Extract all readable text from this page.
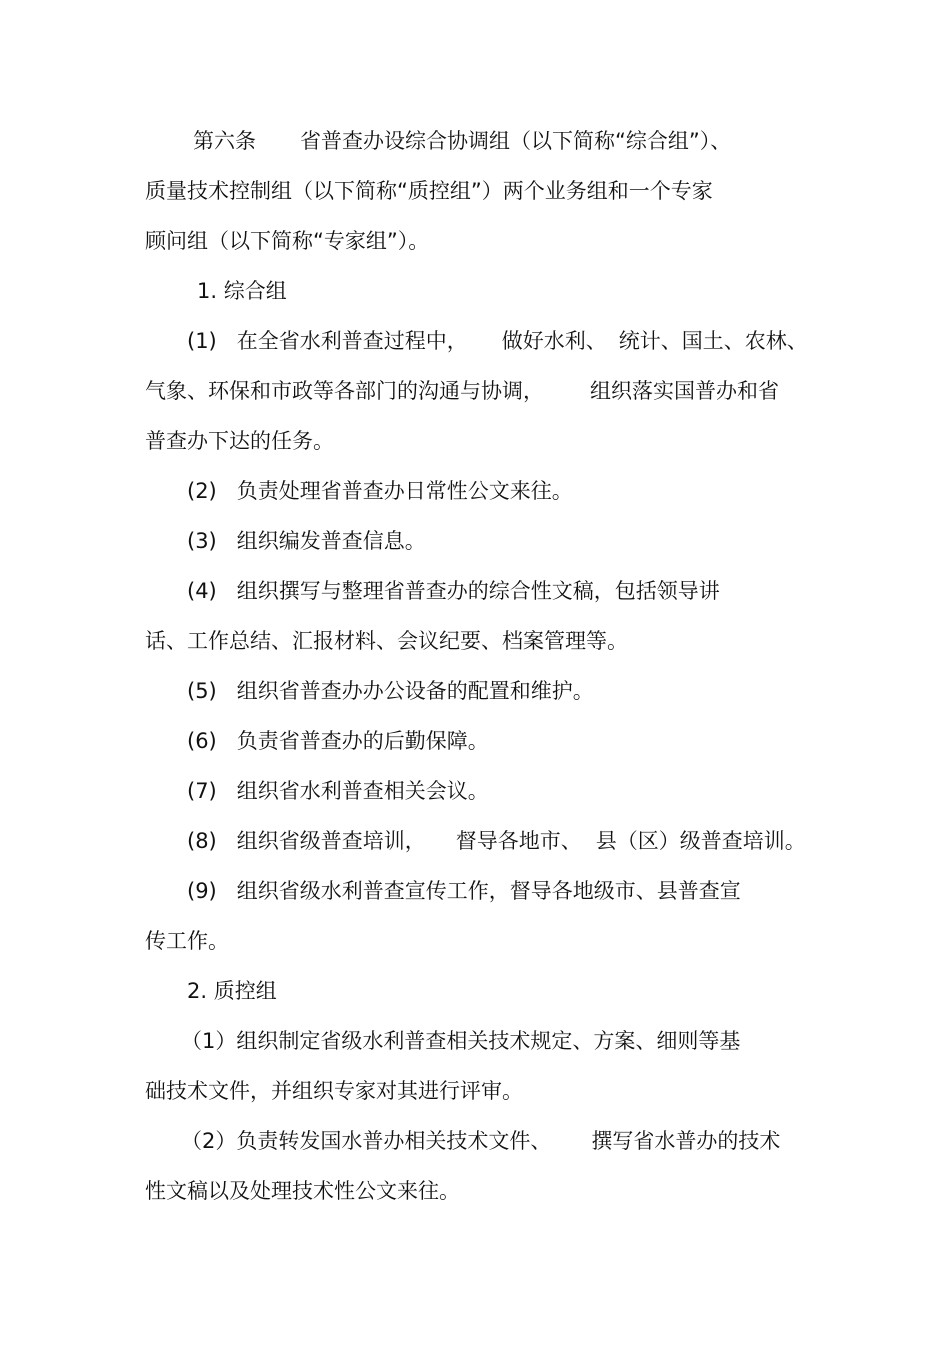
第六条 省普查办设综合协调组（以下简称“综合组”）、
质量技术控制组（以下简称“质控组”）两个业务组和一个专家
顾问组（以下简称“专家组”）。
1. 综合组
(1) 在全省水利普查过程中， 做好水利、 统计、国土、农林、
气象、环保和市政等各部门的沟通与协调， 组织落实国普办和省
普查办下达的任务。
(2) 负责处理省普查办日常性公文来往。
(3) 组织编发普查信息。
(4) 组织撰写与整理省普查办的综合性文稿，包括领导讲
话、工作总结、汇报材料、会议纪要、档案管理等。
(5) 组织省普查办办公设备的配置和维护。
(6) 负责省普查办的后勤保障。
(7) 组织省水利普查相关会议。
(8) 组织省级普查培训， 督导各地市、 县（区）级普查培训。
(9) 组织省级水利普查宣传工作，督导各地级市、县普查宣
传工作。
2. 质控组
（1）组织制定省级水利普查相关技术规定、方案、细则等基
础技术文件，并组织专家对其进行评审。
（2）负责转发国水普办相关技术文件、 撰写省水普办的技术
性文稿以及处理技术性公文来往。
